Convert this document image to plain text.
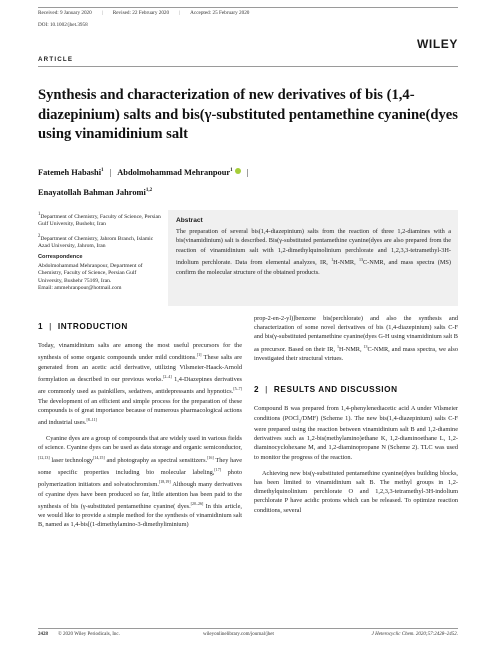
Received: 9 January 2020 | Revised: 22 February 2020 | Accepted: 25 February 2020
DOI: 10.1002/jhet.3958
WILEY
ARTICLE
Synthesis and characterization of new derivatives of bis (1,4-diazepinium) salts and bis(γ-substituted pentamethine cyanine(dyes using vinamidinium salt
Fatemeh Habashi$^1$ | Abdolmohammad Mehranpour$^1$ |
Enayatollah Bahman Jahromi$^{1,2}$

$^1$Department of Chemistry, Faculty of Science, Persian Gulf University, Bushehr, Iran

$^2$Department of Chemistry, Jahrom Branch, Islamic Azad University, Jahrom, Iran

Correspondence
Abdolmohammad Mehranpour, Department of Chemistry, Faculty of Science, Persian Gulf University, Bushehr 75169, Iran.
Email: ammehranpour@hotmail.com
Abstract

The preparation of several bis(1,4-diazepinium) salts from the reaction of three 1,2-diamines with a bis(vinamidinium) salt is described. Bis(γ-substituted pentamethine cyanine(dyes are also prepared from the reaction of vinamidinium salt with 1,2-dimethylquinolinium perchlorate and 1,2,3,3-tetramethyl-3H-indolium perchlorate. Data from elemental analyzes, IR, $^1$H-NMR, $^{13}$C-NMR, and mass spectra (MS) confirm the molecular structure of the obtained products.

1 | INTRODUCTION

Today, vinamidinium salts are among the most useful precursors for the synthesis of some organic compounds under mild conditions.[1] These salts are generated from an acetic acid derivative, utilizing Vilsmeier-Haack-Arnold formylation as described in our previous works.[2–4] 1,4-Diazepines derivatives are commonly used as painkillers, sedatives, antidepressants and hypnotics.[5–7] The development of an efficient and simple process for the preparation of these compounds is of great importance because of numerous pharmacological actions and industrial uses.[8–11]

Cyanine dyes are a group of compounds that are widely used in various fields of science. Cyanine dyes can be used as data storage and organic semiconductor,[12,13] laser technology[14,15] and photography as spectral sensitizers.[16] They have some specific properties including bio molecular labeling,[17] photo polymerization initiators and solvatochromism.[18,19] Although many derivatives of cyanine dyes have been produced so far, little attention has been paid to the synthesis of bis (γ-substituted pentamethine cyanine( dyes.[20–26] In this article, we would like to provide a simple method for the synthesis of vinamidinium salt B, named as 1,4-bis[(1-dimethylamino-3-dimethyliminium)

prop-2-en-2-yl)]benzene bis(perchlorate) and also the synthesis and characterization of some novel derivatives of bis (1,4-diazepinium) salts C-F and bis(γ-substituted pentamethine cyanine(dyes G-H using vinamidinium salt B as precursor. Based on their IR, $^1$H-NMR, $^{13}$C-NMR, and mass spectra, we also investigated their structural virtues.

2 | RESULTS AND DISCUSSION

Compound B was prepared from 1,4-phenylenediacetic acid A under Vilsmeier conditions (POCl$_3$/DMF) (Scheme 1). The new bis(1,4-diazepinium) salts C-F were prepared using the reaction between vinamidinium salt B and 1,2-diamine derivatives such as 1,2-bis(methylamino)ethane K, 1,2-diaminoethane L, 1,2-diaminocyclohexane M, and 1,2-diaminopropane N (Scheme 2). TLC was used to monitor the progress of the reaction.

Achieving new bis(γ-substituted pentamethine cyanine(dyes building blocks, has been limited to vinamidinium salt B. The methyl groups in 1,2-dimethylquinolinium perchlorate O and 1,2,3,3-tetramethyl-3H-indolium perchlorate P have acidic protons which can be released. To optimize reaction conditions, several

2428 © 2020 Wiley Periodicals, Inc.	wileyonlinelibrary.com/journal/jhet	J Heterocyclic Chem. 2020;57:2428–2452.
